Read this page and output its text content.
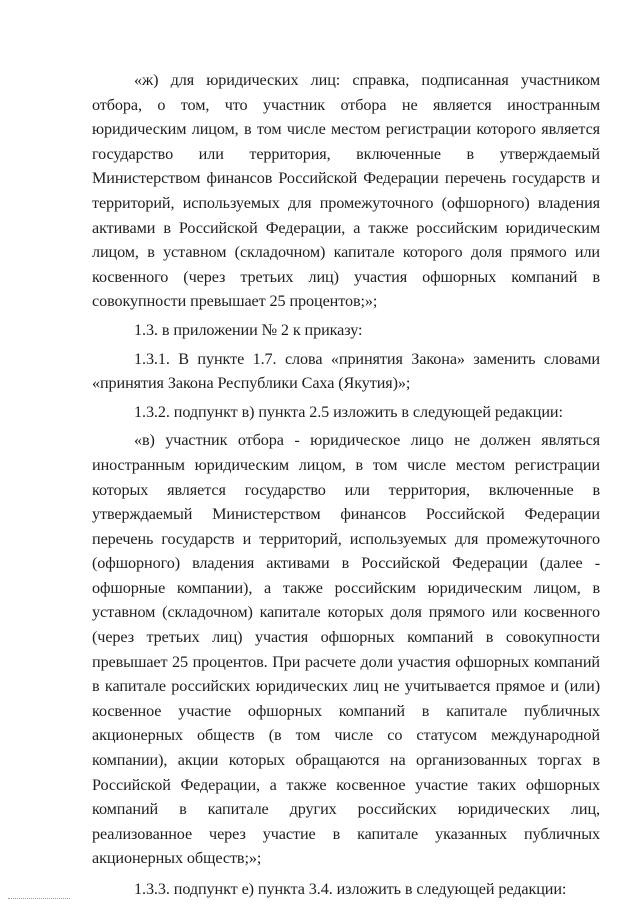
«ж) для юридических лиц: справка, подписанная участником отбора, о том, что участник отбора не является иностранным юридическим лицом, в том числе местом регистрации которого является государство или территория, включенные в утверждаемый Министерством финансов Российской Федерации перечень государств и территорий, используемых для промежуточного (офшорного) владения активами в Российской Федерации, а также российским юридическим лицом, в уставном (складочном) капитале которого доля прямого или косвенного (через третьих лиц) участия офшорных компаний в совокупности превышает 25 процентов;»;

1.3. в приложении № 2 к приказу:

1.3.1. В пункте 1.7. слова «принятия Закона» заменить словами «принятия Закона Республики Саха (Якутия)»;

1.3.2. подпункт в) пункта 2.5 изложить в следующей редакции:

«в) участник отбора - юридическое лицо не должен являться иностранным юридическим лицом, в том числе местом регистрации которых является государство или территория, включенные в утверждаемый Министерством финансов Российской Федерации перечень государств и территорий, используемых для промежуточного (офшорного) владения активами в Российской Федерации (далее - офшорные компании), а также российским юридическим лицом, в уставном (складочном) капитале которых доля прямого или косвенного (через третьих лиц) участия офшорных компаний в совокупности превышает 25 процентов. При расчете доли участия офшорных компаний в капитале российских юридических лиц не учитывается прямое и (или) косвенное участие офшорных компаний в капитале публичных акционерных обществ (в том числе со статусом международной компании), акции которых обращаются на организованных торгах в Российской Федерации, а также косвенное участие таких офшорных компаний в капитале других российских юридических лиц, реализованное через участие в капитале указанных публичных акционерных обществ;»;

1.3.3. подпункт е) пункта 3.4. изложить в следующей редакции:
